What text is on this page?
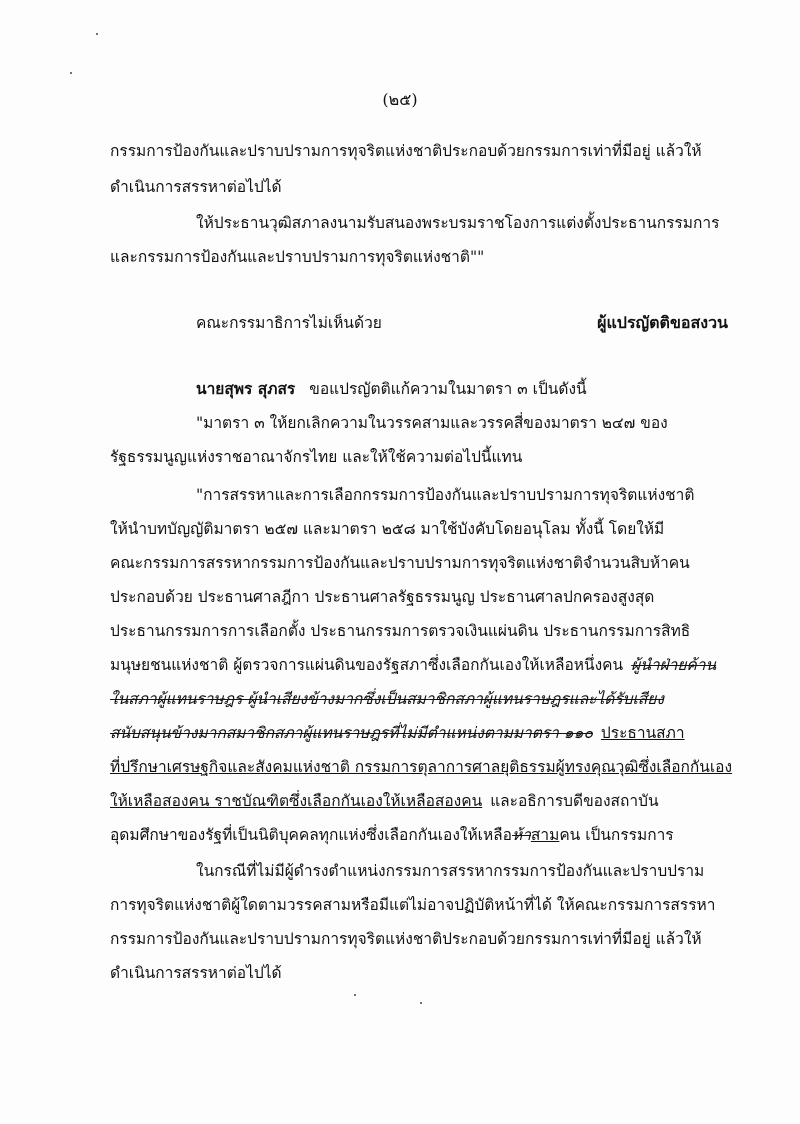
(๒๕)
กรรมการป้องกันและปราบปรามการทุจริตแห่งชาติประกอบด้วยกรรมการเท่าที่มีอยู่ แล้วให้
ดำเนินการสรรหาต่อไปได้
ให้ประธานวุฒิสภาลงนามรับสนองพระบรมราชโองการแต่งตั้งประธานกรรมการ
และกรรมการป้องกันและปราบปรามการทุจริตแห่งชาติ""
คณะกรรมาธิการไม่เห็นด้วย	ผู้แปรญัตติขอสงวน
นายสุพร สุภสร ขอแปรญัตติแก้ความในมาตรา ๓ เป็นดังนี้
"มาตรา ๓ ให้ยกเลิกความในวรรคสามและวรรคสี่ของมาตรา ๒๔๗ ของ
รัฐธรรมนูญแห่งราชอาณาจักรไทย และให้ใช้ความต่อไปนี้แทน
"การสรรหาและการเลือกกรรมการป้องกันและปราบปรามการทุจริตแห่งชาติ
ให้นำบทบัญญัติมาตรา ๒๕๗ และมาตรา ๒๕๘ มาใช้บังคับโดยอนุโลม ทั้งนี้ โดยให้มี
คณะกรรมการสรรหากรรมการป้องกันและปราบปรามการทุจริตแห่งชาติจำนวนสิบห้าคน
ประกอบด้วย ประธานศาลฎีกา ประธานศาลรัฐธรรมนูญ ประธานศาลปกครองสูงสุด
ประธานกรรมการการเลือกตั้ง ประธานกรรมการตรวจเงินแผ่นดิน ประธานกรรมการสิทธิ
มนุษยชนแห่งชาติ ผู้ตรวจการแผ่นดินของรัฐสภาซึ่งเลือกกันเองให้เหลือหนึ่งคน ผู้นำฝ่ายค้าน
ในสภาผู้แทนราษฎร ผู้นำเสียงข้างมากซึ่งเป็นสมาชิกสภาผู้แทนราษฎรและได้รับเสียง
สนับสนุนข้างมากสมาชิกสภาผู้แทนราษฎรที่ไม่มีตำแหน่งตามมาตรา ๑๑๐ ประธานสภา
ที่ปรึกษาเศรษฐกิจและสังคมแห่งชาติ กรรมการตุลาการศาลยุติธรรมผู้ทรงคุณวุฒิซึ่งเลือกกันเอง
ให้เหลือสองคน ราชบัณฑิตซึ่งเลือกกันเองให้เหลือสองคน และอธิการบดีของสถาบัน
อุดมศึกษาของรัฐที่เป็นนิติบุคคลทุกแห่งซึ่งเลือกกันเองให้เหลือห้าสามคน เป็นกรรมการ
ในกรณีที่ไม่มีผู้ดำรงตำแหน่งกรรมการสรรหากรรมการป้องกันและปราบปราม
การทุจริตแห่งชาติผู้ใดตามวรรคสามหรือมีแต่ไม่อาจปฏิบัติหน้าที่ได้ ให้คณะกรรมการสรรหา
กรรมการป้องกันและปราบปรามการทุจริตแห่งชาติประกอบด้วยกรรมการเท่าที่มีอยู่ แล้วให้
ดำเนินการสรรหาต่อไปได้
